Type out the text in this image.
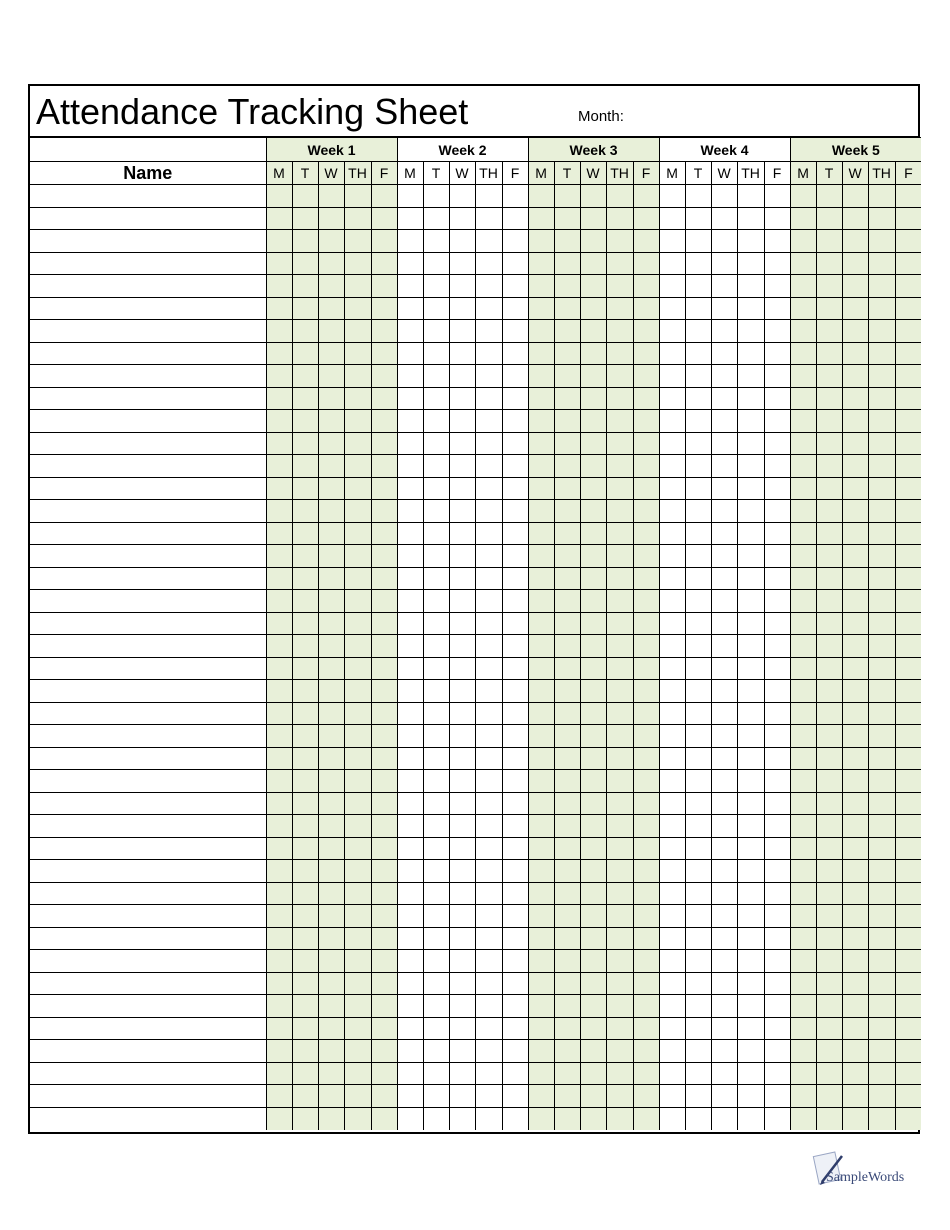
Attendance Tracking Sheet	Month:
	Week 1					Week 2					Week 3					Week 4					Week 5				
Name	M	T	W	TH	F	M	T	W	TH	F	M	T	W	TH	F	M	T	W	TH	F	M	T	W	TH	F

SampleWords
